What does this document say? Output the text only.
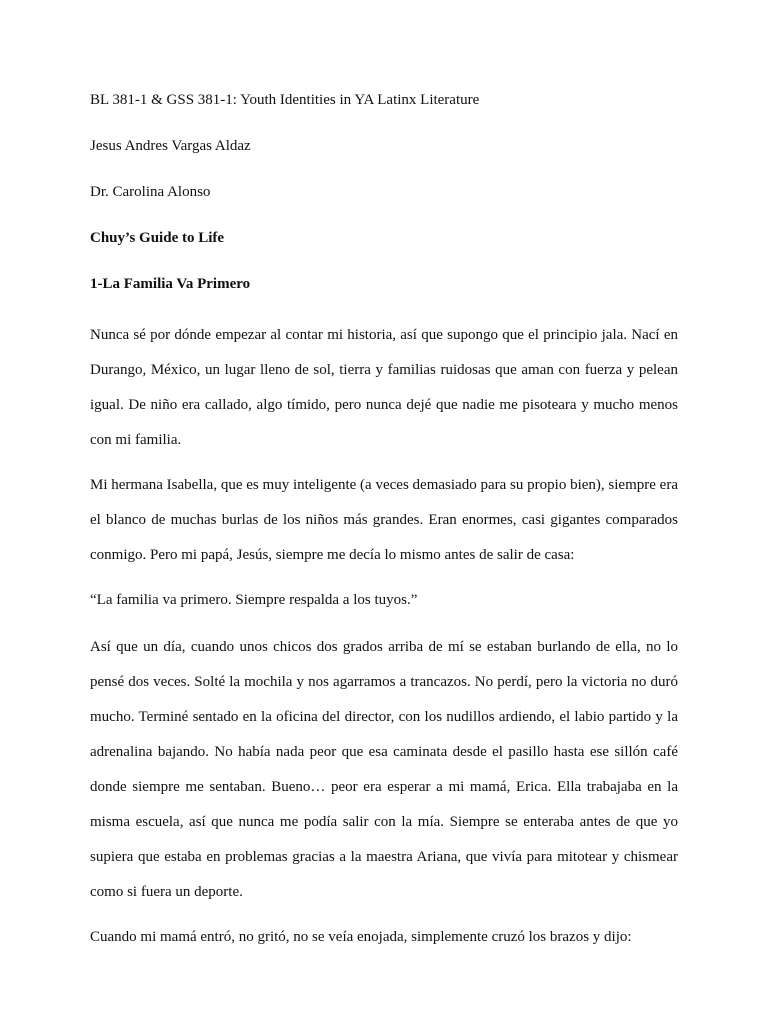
BL 381-1 & GSS 381-1: Youth Identities in YA Latinx Literature
Jesus Andres Vargas Aldaz
Dr. Carolina Alonso
Chuy’s Guide to Life
1-La Familia Va Primero

Nunca sé por dónde empezar al contar mi historia, así que supongo que el principio jala. Nací en Durango, México, un lugar lleno de sol, tierra y familias ruidosas que aman con fuerza y pelean igual. De niño era callado, algo tímido, pero nunca dejé que nadie me pisoteara y mucho menos con mi familia.

Mi hermana Isabella, que es muy inteligente (a veces demasiado para su propio bien), siempre era el blanco de muchas burlas de los niños más grandes. Eran enormes, casi gigantes comparados conmigo. Pero mi papá, Jesús, siempre me decía lo mismo antes de salir de casa:

“La familia va primero. Siempre respalda a los tuyos.”

Así que un día, cuando unos chicos dos grados arriba de mí se estaban burlando de ella, no lo pensé dos veces. Solté la mochila y nos agarramos a trancazos. No perdí, pero la victoria no duró mucho. Terminé sentado en la oficina del director, con los nudillos ardiendo, el labio partido y la adrenalina bajando. No había nada peor que esa caminata desde el pasillo hasta ese sillón café donde siempre me sentaban. Bueno… peor era esperar a mi mamá, Erica. Ella trabajaba en la misma escuela, así que nunca me podía salir con la mía. Siempre se enteraba antes de que yo supiera que estaba en problemas gracias a la maestra Ariana, que vivía para mitotear y chismear como si fuera un deporte.

Cuando mi mamá entró, no gritó, no se veía enojada, simplemente cruzó los brazos y dijo:
